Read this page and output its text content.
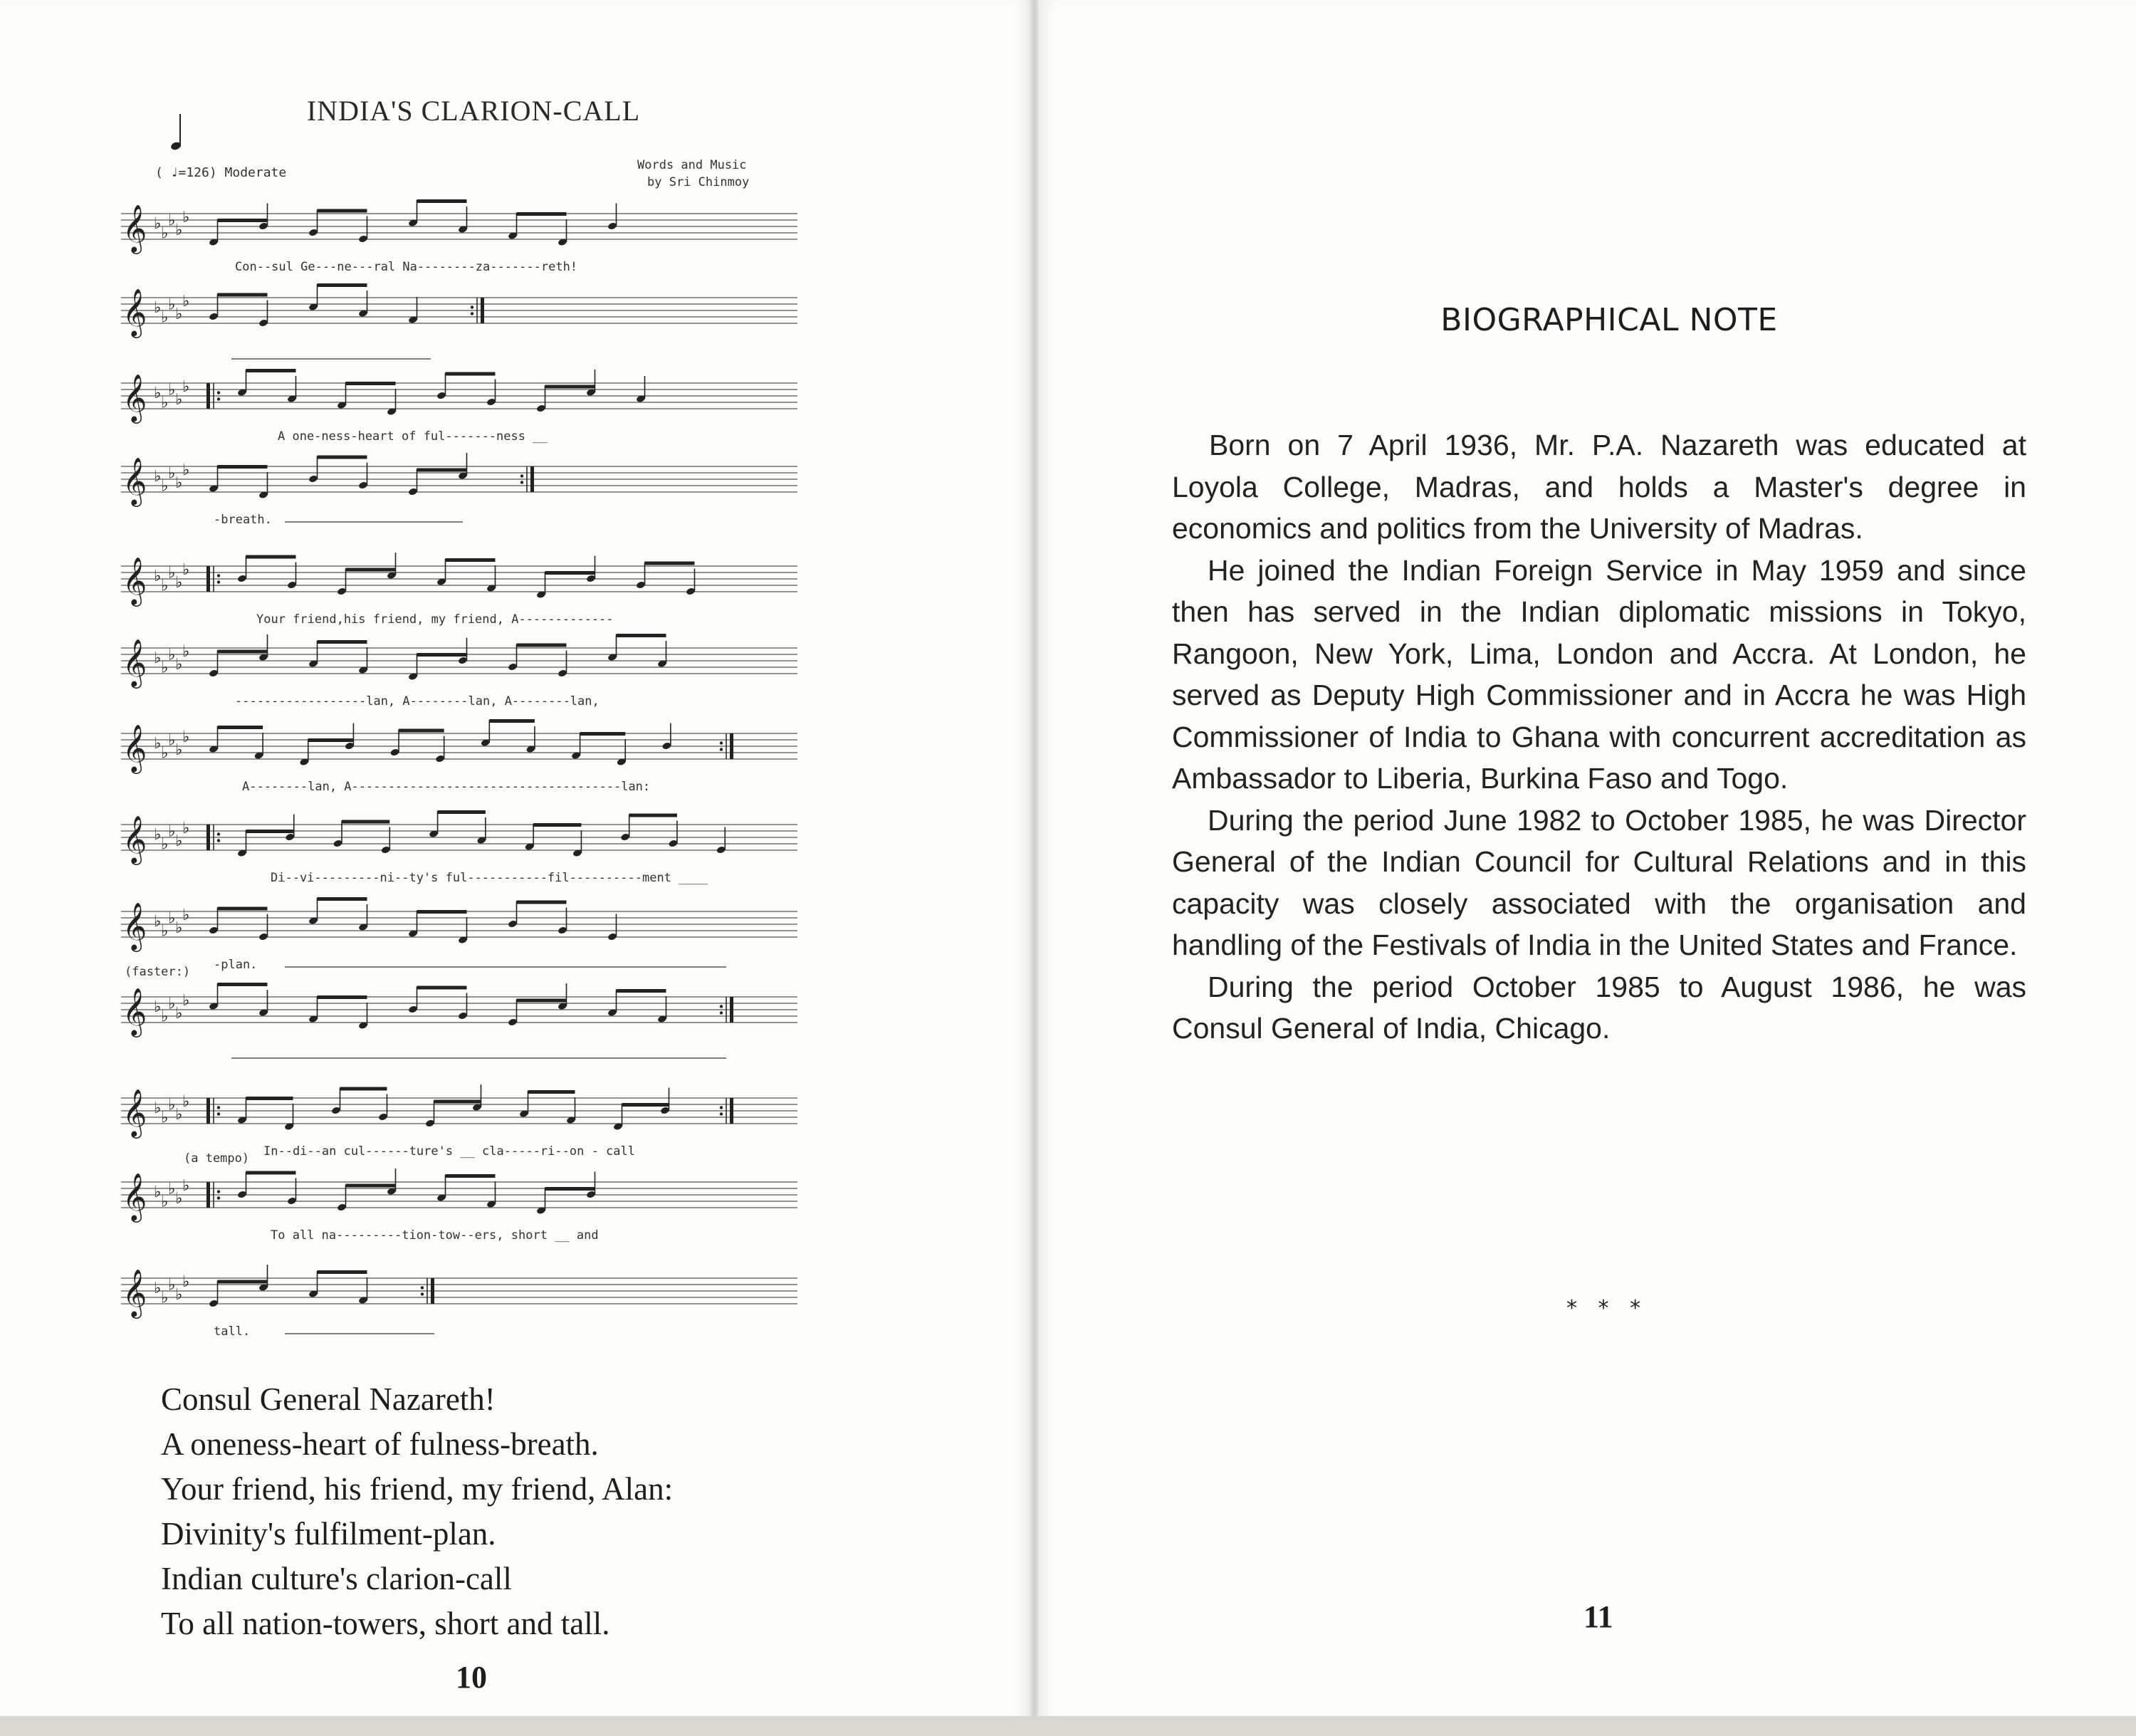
INDIA'S CLARION-CALL
( ♩=126) Moderate	Words and Music
by Sri Chinmoy
𝄞 ♭
♭
♭
♭
♭
Con--sul Ge---ne---ral Na--------za-------reth!
𝄞 ♭
♭
♭
♭
♭
𝄞 ♭
♭
♭
♭
♭
A one-ness-heart of ful-------ness __
𝄞 ♭
♭
♭
♭
♭
-breath.
𝄞 ♭
♭
♭
♭
♭
Your friend,his friend, my friend, A-------------
𝄞 ♭
♭
♭
♭
♭
------------------lan, A--------lan, A--------lan,
𝄞 ♭
♭
♭
♭
♭
A--------lan, A-------------------------------------lan:
𝄞 ♭
♭
♭
♭
♭
Di--vi---------ni--ty's ful-----------fil----------ment ____
𝄞 ♭
♭
♭
♭
♭
-plan.
𝄞 ♭
♭
♭
♭
♭
𝄞 ♭
♭
♭
♭
♭
In--di--an cul------ture's __ cla-----ri--on - call
𝄞 ♭
♭
♭
♭
♭
To all na---------tion-tow--ers, short __ and
𝄞 ♭
♭
♭
♭
♭
tall.
(faster:)
(a tempo)
Consul General Nazareth!
A oneness-heart of fulness-breath.
Your friend, his friend, my friend, Alan:
Divinity's fulfilment-plan.
Indian culture's clarion-call
To all nation-towers, short and tall.
10
BIOGRAPHICAL NOTE

Born on 7 April 1936, Mr. P.A. Nazareth was educated at Loyola College, Madras, and holds a Master's degree in economics and politics from the University of Madras.

He joined the Indian Foreign Service in May 1959 and since then has served in the Indian diplomatic missions in Tokyo, Rangoon, New York, Lima, London and Accra. At London, he served as Deputy High Commissioner and in Accra he was High Commissioner of India to Ghana with concurrent accreditation as Ambassador to Liberia, Burkina Faso and Togo.

During the period June 1982 to October 1985, he was Director General of the Indian Council for Cultural Relations and in this capacity was closely associated with the organisation and handling of the Festivals of India in the United States and France.

During the period October 1985 to August 1986, he was Consul General of India, Chicago.

* * *
11
